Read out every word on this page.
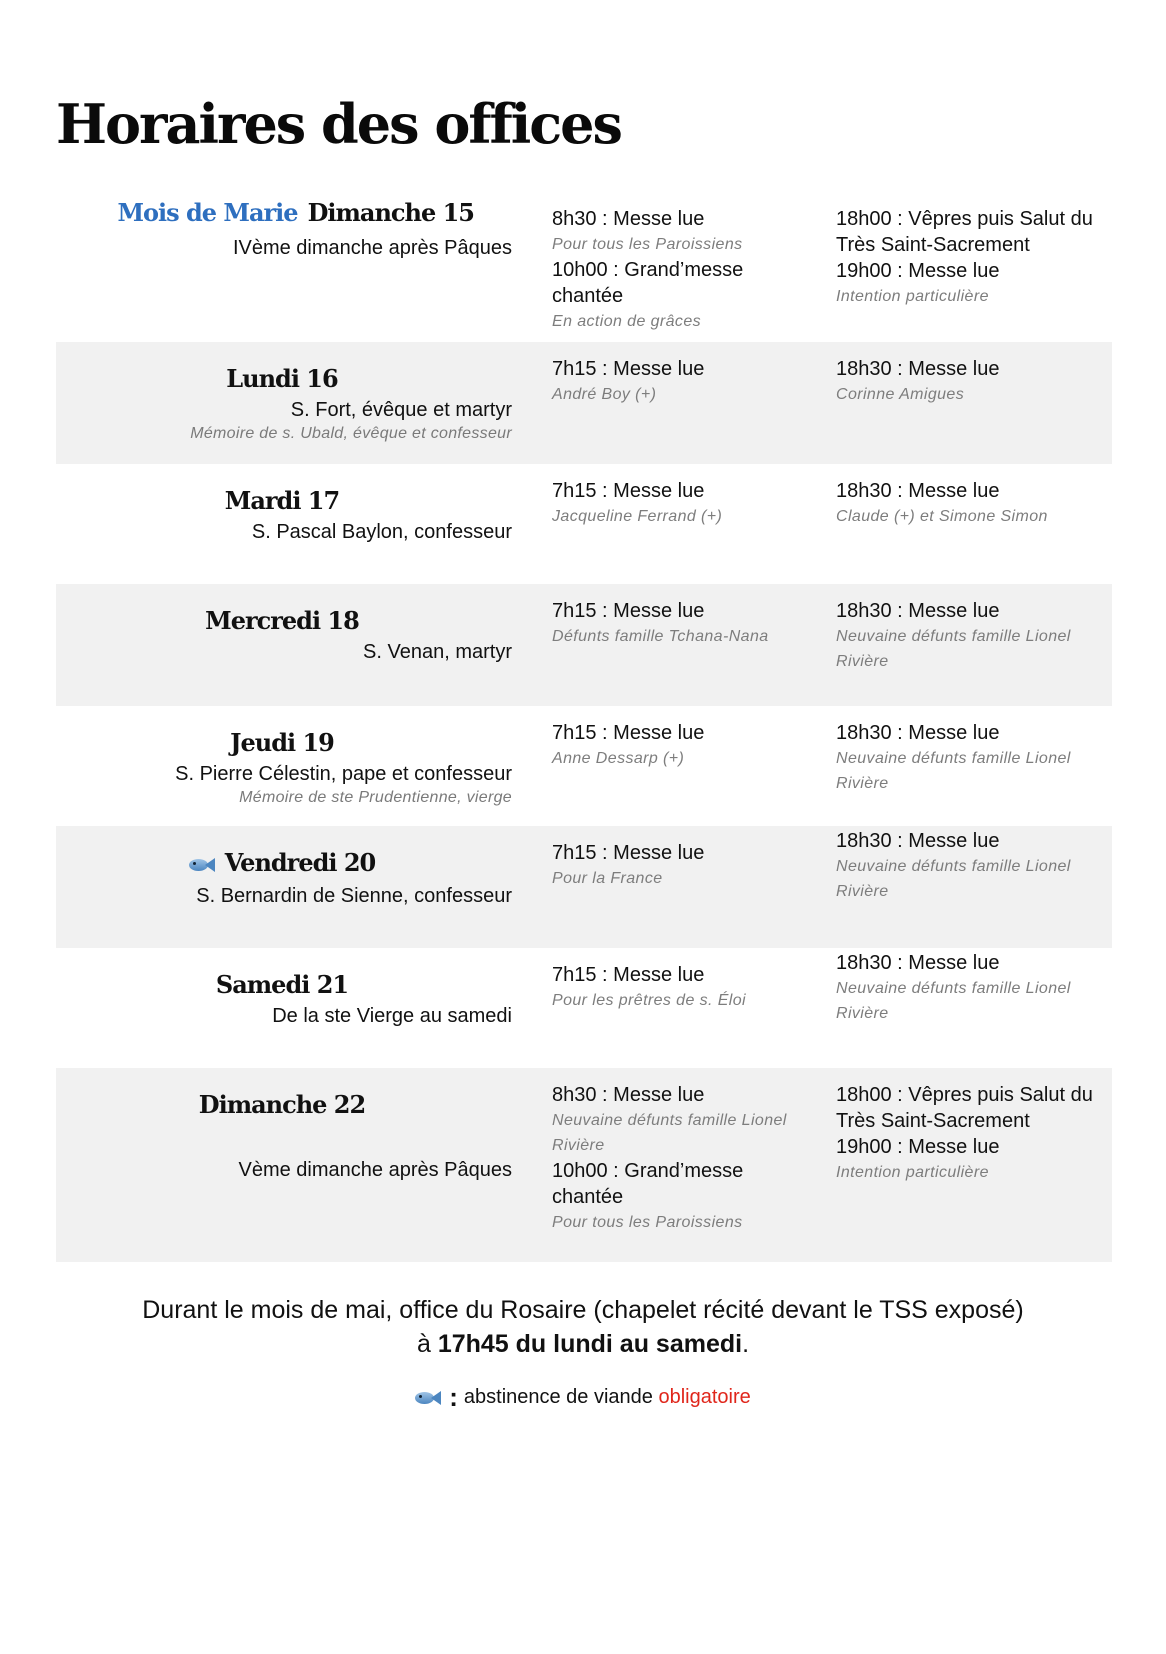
Horaires des offices
Mois de Marie Dimanche 15
IVème dimanche après Pâques
8h30 : Messe lue
Pour tous les Paroissiens
10h00 : Grand’messe chantée
En action de grâces
18h00 : Vêpres puis Salut du Très Saint-Sacrement
19h00 : Messe lue
Intention particulière
Lundi 16
S. Fort, évêque et martyr
Mémoire de s. Ubald, évêque et confesseur
7h15 : Messe lue
André Boy (+)
18h30 : Messe lue
Corinne Amigues
Mardi 17
S. Pascal Baylon, confesseur
7h15 : Messe lue
Jacqueline Ferrand (+)
18h30 : Messe lue
Claude (+) et Simone Simon
Mercredi 18
S. Venan, martyr
7h15 : Messe lue
Défunts famille Tchana-Nana
18h30 : Messe lue
Neuvaine défunts famille Lionel Rivière
Jeudi 19
S. Pierre Célestin, pape et confesseur
Mémoire de ste Prudentienne, vierge
7h15 : Messe lue
Anne Dessarp (+)
18h30 : Messe lue
Neuvaine défunts famille Lionel Rivière
Vendredi 20
S. Bernardin de Sienne, confesseur
7h15 : Messe lue
Pour la France
18h30 : Messe lue
Neuvaine défunts famille Lionel Rivière
Samedi 21
De la ste Vierge au samedi
7h15 : Messe lue
Pour les prêtres de s. Éloi
18h30 : Messe lue
Neuvaine défunts famille Lionel Rivière
Dimanche 22
Vème dimanche après Pâques
8h30 : Messe lue
Neuvaine défunts famille Lionel Rivière
10h00 : Grand’messe chantée
Pour tous les Paroissiens
18h00 : Vêpres puis Salut du Très Saint-Sacrement
19h00 : Messe lue
Intention particulière
Durant le mois de mai, office du Rosaire (chapelet récité devant le TSS exposé)
à 17h45 du lundi au samedi.
: abstinence de viande obligatoire
